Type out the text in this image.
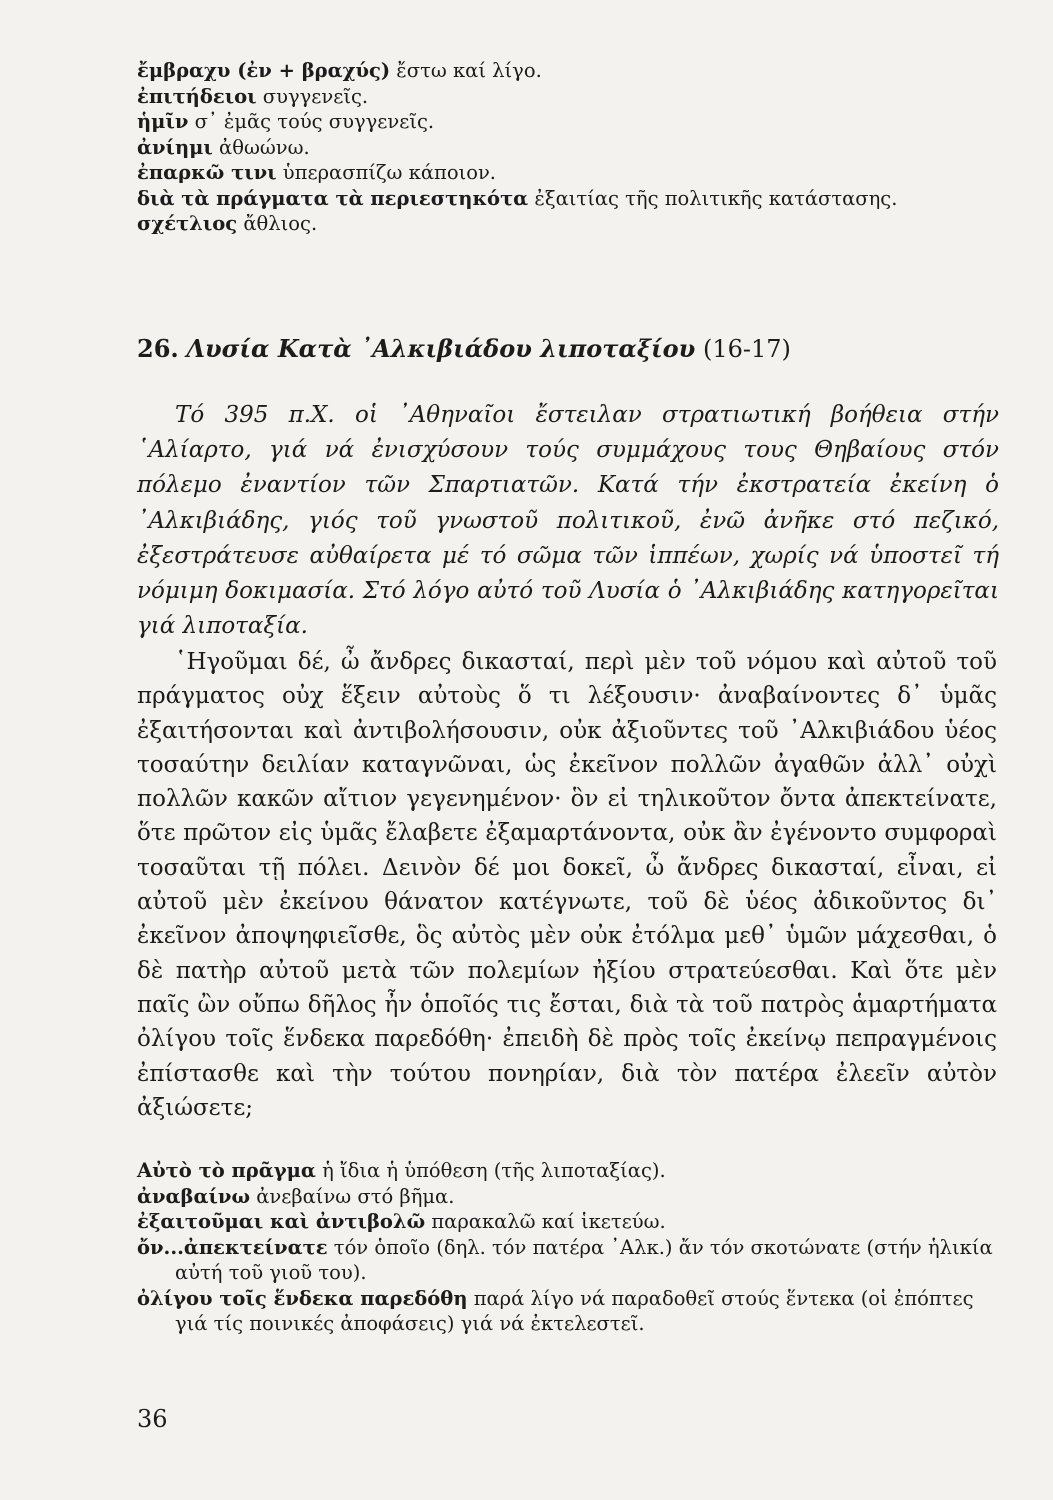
ἔμβραχυ (ἐν + βραχύς) ἔστω καί λίγο.
ἐπιτήδειοι συγγενεῖς.
ἡμῖν σ᾿ ἐμᾶς τούς συγγενεῖς.
ἀνίημι ἀθωώνω.
ἐπαρκῶ τινι ὑπερασπίζω κάποιον.
διὰ τὰ πράγματα τὰ περιεστηκότα ἐξαιτίας τῆς πολιτικῆς κατάστασης.
σχέτλιος ἄθλιος.
26. Λυσία Κατὰ ᾽Αλκιβιάδου λιποταξίου (16-17)
Τό 395 π.Χ. οἱ ᾽Αθηναῖοι ἔστειλαν στρατιωτική βοήθεια στήν ῾Αλίαρτο, γιά νά ἐνισχύσουν τούς συμμάχους τους Θηβαίους στόν πόλεμο ἐναντίον τῶν Σπαρτιατῶν. Κατά τήν ἐκστρατεία ἐκείνη ὁ ᾽Αλκιβιάδης, γιός τοῦ γνωστοῦ πολιτικοῦ, ἐνῶ ἀνῆκε στό πεζικό, ἐξεστράτευσε αὐθαίρετα μέ τό σῶμα τῶν ἱππέων, χωρίς νά ὑποστεῖ τή νόμιμη δοκιμασία. Στό λόγο αὐτό τοῦ Λυσία ὁ ᾽Αλκιβιάδης κατηγορεῖται γιά λιποταξία.
῾Ηγοῦμαι δέ, ὦ ἄνδρες δικασταί, περὶ μὲν τοῦ νόμου καὶ αὐτοῦ τοῦ πράγματος οὐχ ἕξειν αὐτοὺς ὅ τι λέξουσιν· ἀναβαίνοντες δ᾽ ὑμᾶς ἐξαιτήσονται καὶ ἀντιβολήσουσιν, οὐκ ἀξιοῦντες τοῦ ᾽Αλκιβιάδου ὑέος τοσαύτην δειλίαν καταγνῶναι, ὡς ἐκεῖνον πολλῶν ἀγαθῶν ἀλλ᾽ οὐχὶ πολλῶν κακῶν αἴτιον γεγενημένον· ὃν εἰ τηλικοῦτον ὄντα ἀπεκτείνατε, ὅτε πρῶτον εἰς ὑμᾶς ἔλαβετε ἐξαμαρτάνοντα, οὐκ ἂν ἐγένοντο συμφοραὶ τοσαῦται τῇ πόλει. Δεινὸν δέ μοι δοκεῖ, ὦ ἄνδρες δικασταί, εἶναι, εἰ αὐτοῦ μὲν ἐκείνου θάνατον κατέγνωτε, τοῦ δὲ ὑέος ἀδικοῦντος δι᾽ ἐκεῖνον ἀποψηφιεῖσθε, ὃς αὐτὸς μὲν οὐκ ἐτόλμα μεθ᾽ ὑμῶν μάχεσθαι, ὁ δὲ πατὴρ αὐτοῦ μετὰ τῶν πολεμίων ἠξίου στρατεύεσθαι. Καὶ ὅτε μὲν παῖς ὢν οὔπω δῆλος ἦν ὁποῖός τις ἔσται, διὰ τὰ τοῦ πατρὸς ἁμαρτήματα ὀλίγου τοῖς ἕνδεκα παρεδόθη· ἐπειδὴ δὲ πρὸς τοῖς ἐκείνῳ πεπραγμένοις ἐπίστασθε καὶ τὴν τούτου πονηρίαν, διὰ τὸν πατέρα ἐλεεῖν αὐτὸν ἀξιώσετε;
Αὐτὸ τὸ πρᾶγμα ἡ ἴδια ἡ ὑπόθεση (τῆς λιποταξίας).
ἀναβαίνω ἀνεβαίνω στό βῆμα.
ἐξαιτοῦμαι καὶ ἀντιβολῶ παρακαλῶ καί ἱκετεύω.
ὄν...ἀπεκτείνατε τόν ὁποῖο (δηλ. τόν πατέρα ᾽Αλκ.) ἄν τόν σκοτώνατε (στήν ἡλικία αὐτή τοῦ γιοῦ του).
ὀλίγου τοῖς ἕνδεκα παρεδόθη παρά λίγο νά παραδοθεῖ στούς ἕντεκα (οἱ ἐπόπτες γιά τίς ποινικές ἀποφάσεις) γιά νά ἐκτελεστεῖ.
36
